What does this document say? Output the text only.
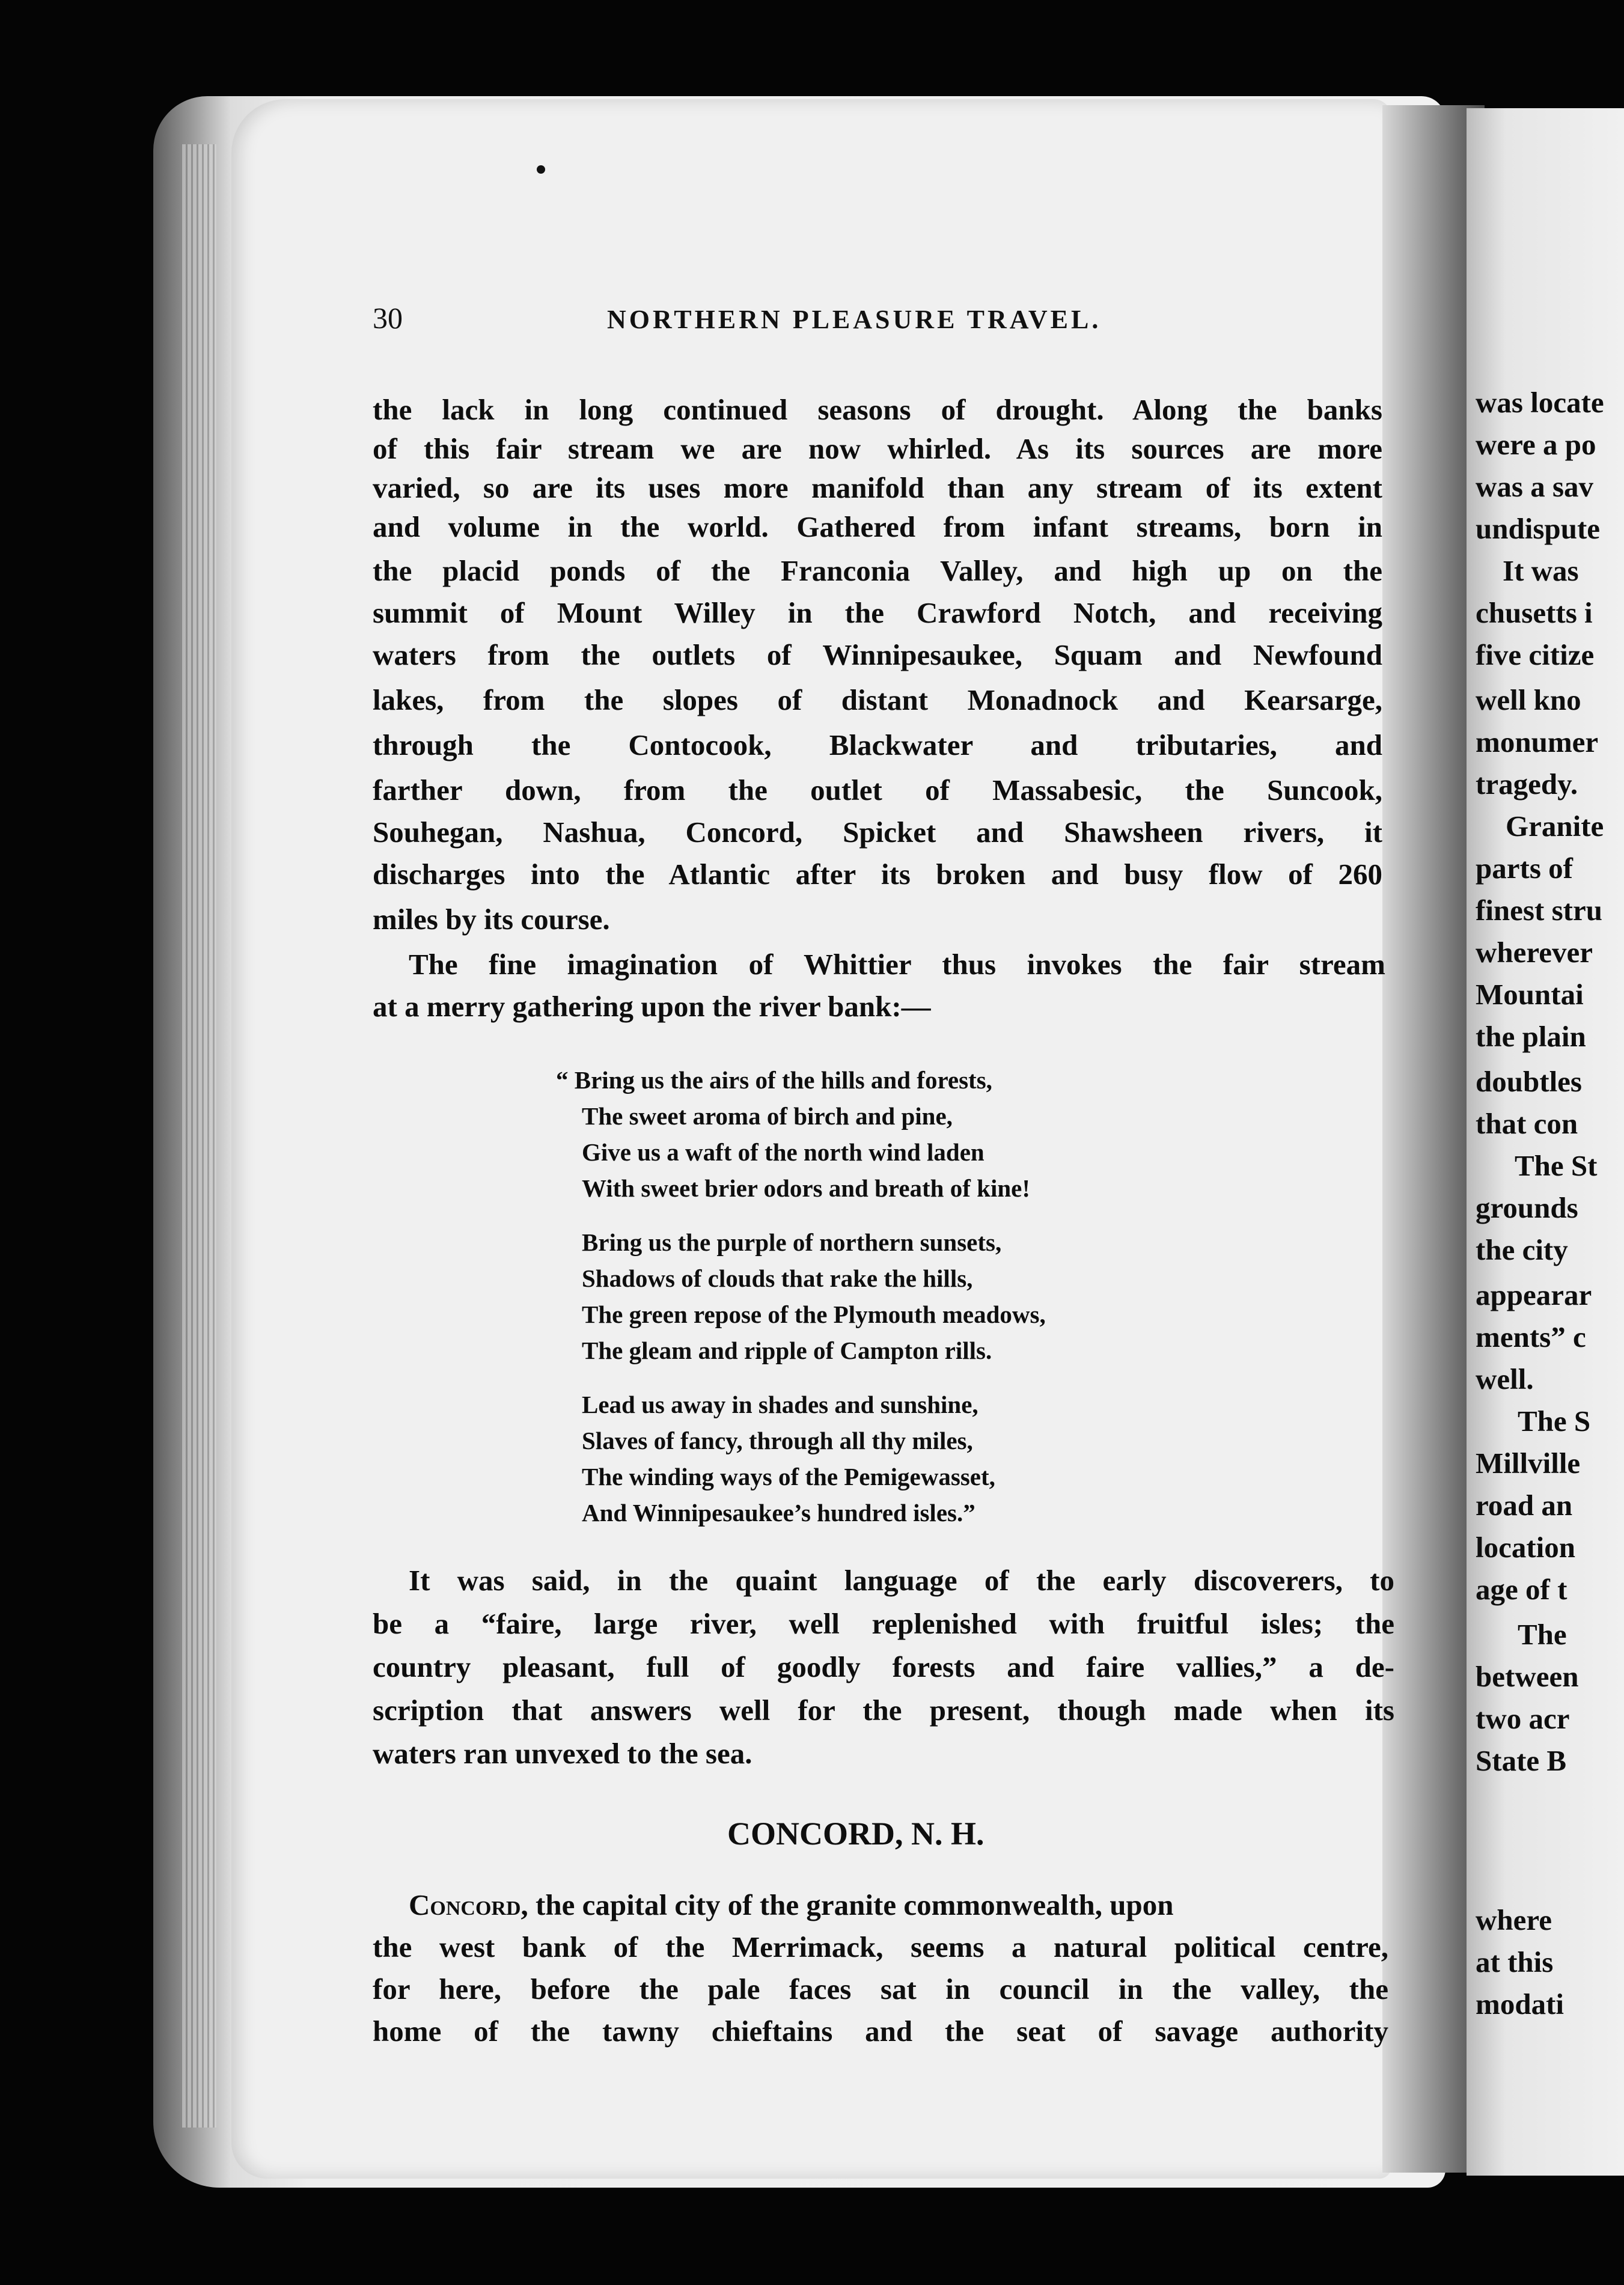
30	NORTHERN PLEASURE TRAVEL.
the lack in long continued seasons of drought. Along the banks
of this fair stream we are now whirled. As its sources are more
varied, so are its uses more manifold than any stream of its extent
and volume in the world. Gathered from infant streams, born in
the placid ponds of the Franconia Valley, and high up on the
summit of Mount Willey in the Crawford Notch, and receiving
waters from the outlets of Winnipesaukee, Squam and Newfound
lakes, from the slopes of distant Monadnock and Kearsarge,
through the Contocook, Blackwater and tributaries, and
farther down, from the outlet of Massabesic, the Suncook,
Souhegan, Nashua, Concord, Spicket and Shawsheen rivers, it
discharges into the Atlantic after its broken and busy flow of 260
miles by its course.
The fine imagination of Whittier thus invokes the fair stream
at a merry gathering upon the river bank:—
“ Bring us the airs of the hills and forests,
The sweet aroma of birch and pine,
Give us a waft of the north wind laden
With sweet brier odors and breath of kine!
Bring us the purple of northern sunsets,
Shadows of clouds that rake the hills,
The green repose of the Plymouth meadows,
The gleam and ripple of Campton rills.
Lead us away in shades and sunshine,
Slaves of fancy, through all thy miles,
The winding ways of the Pemigewasset,
And Winnipesaukee’s hundred isles.”
It was said, in the quaint language of the early discoverers, to
be a “faire, large river, well replenished with fruitful isles; the
country pleasant, full of goodly forests and faire vallies,” a de-
scription that answers well for the present, though made when its
waters ran unvexed to the sea.
CONCORD, N. H.
Concord, the capital city of the granite commonwealth, upon
the west bank of the Merrimack, seems a natural political centre,
for here, before the pale faces sat in council in the valley, the
home of the tawny chieftains and the seat of savage authority
was locate
were a po
was a sav
undispute
It was
chusetts i
five citize
well kno
monumer
tragedy.
Granite
parts of
finest stru
wherever
Mountai
the plain
doubtles
that con
The St
grounds
the city
appearar
ments” c
well.
The S
Millville
road an
location
age of t
The
between
two acr
State B
where
at this
modati
